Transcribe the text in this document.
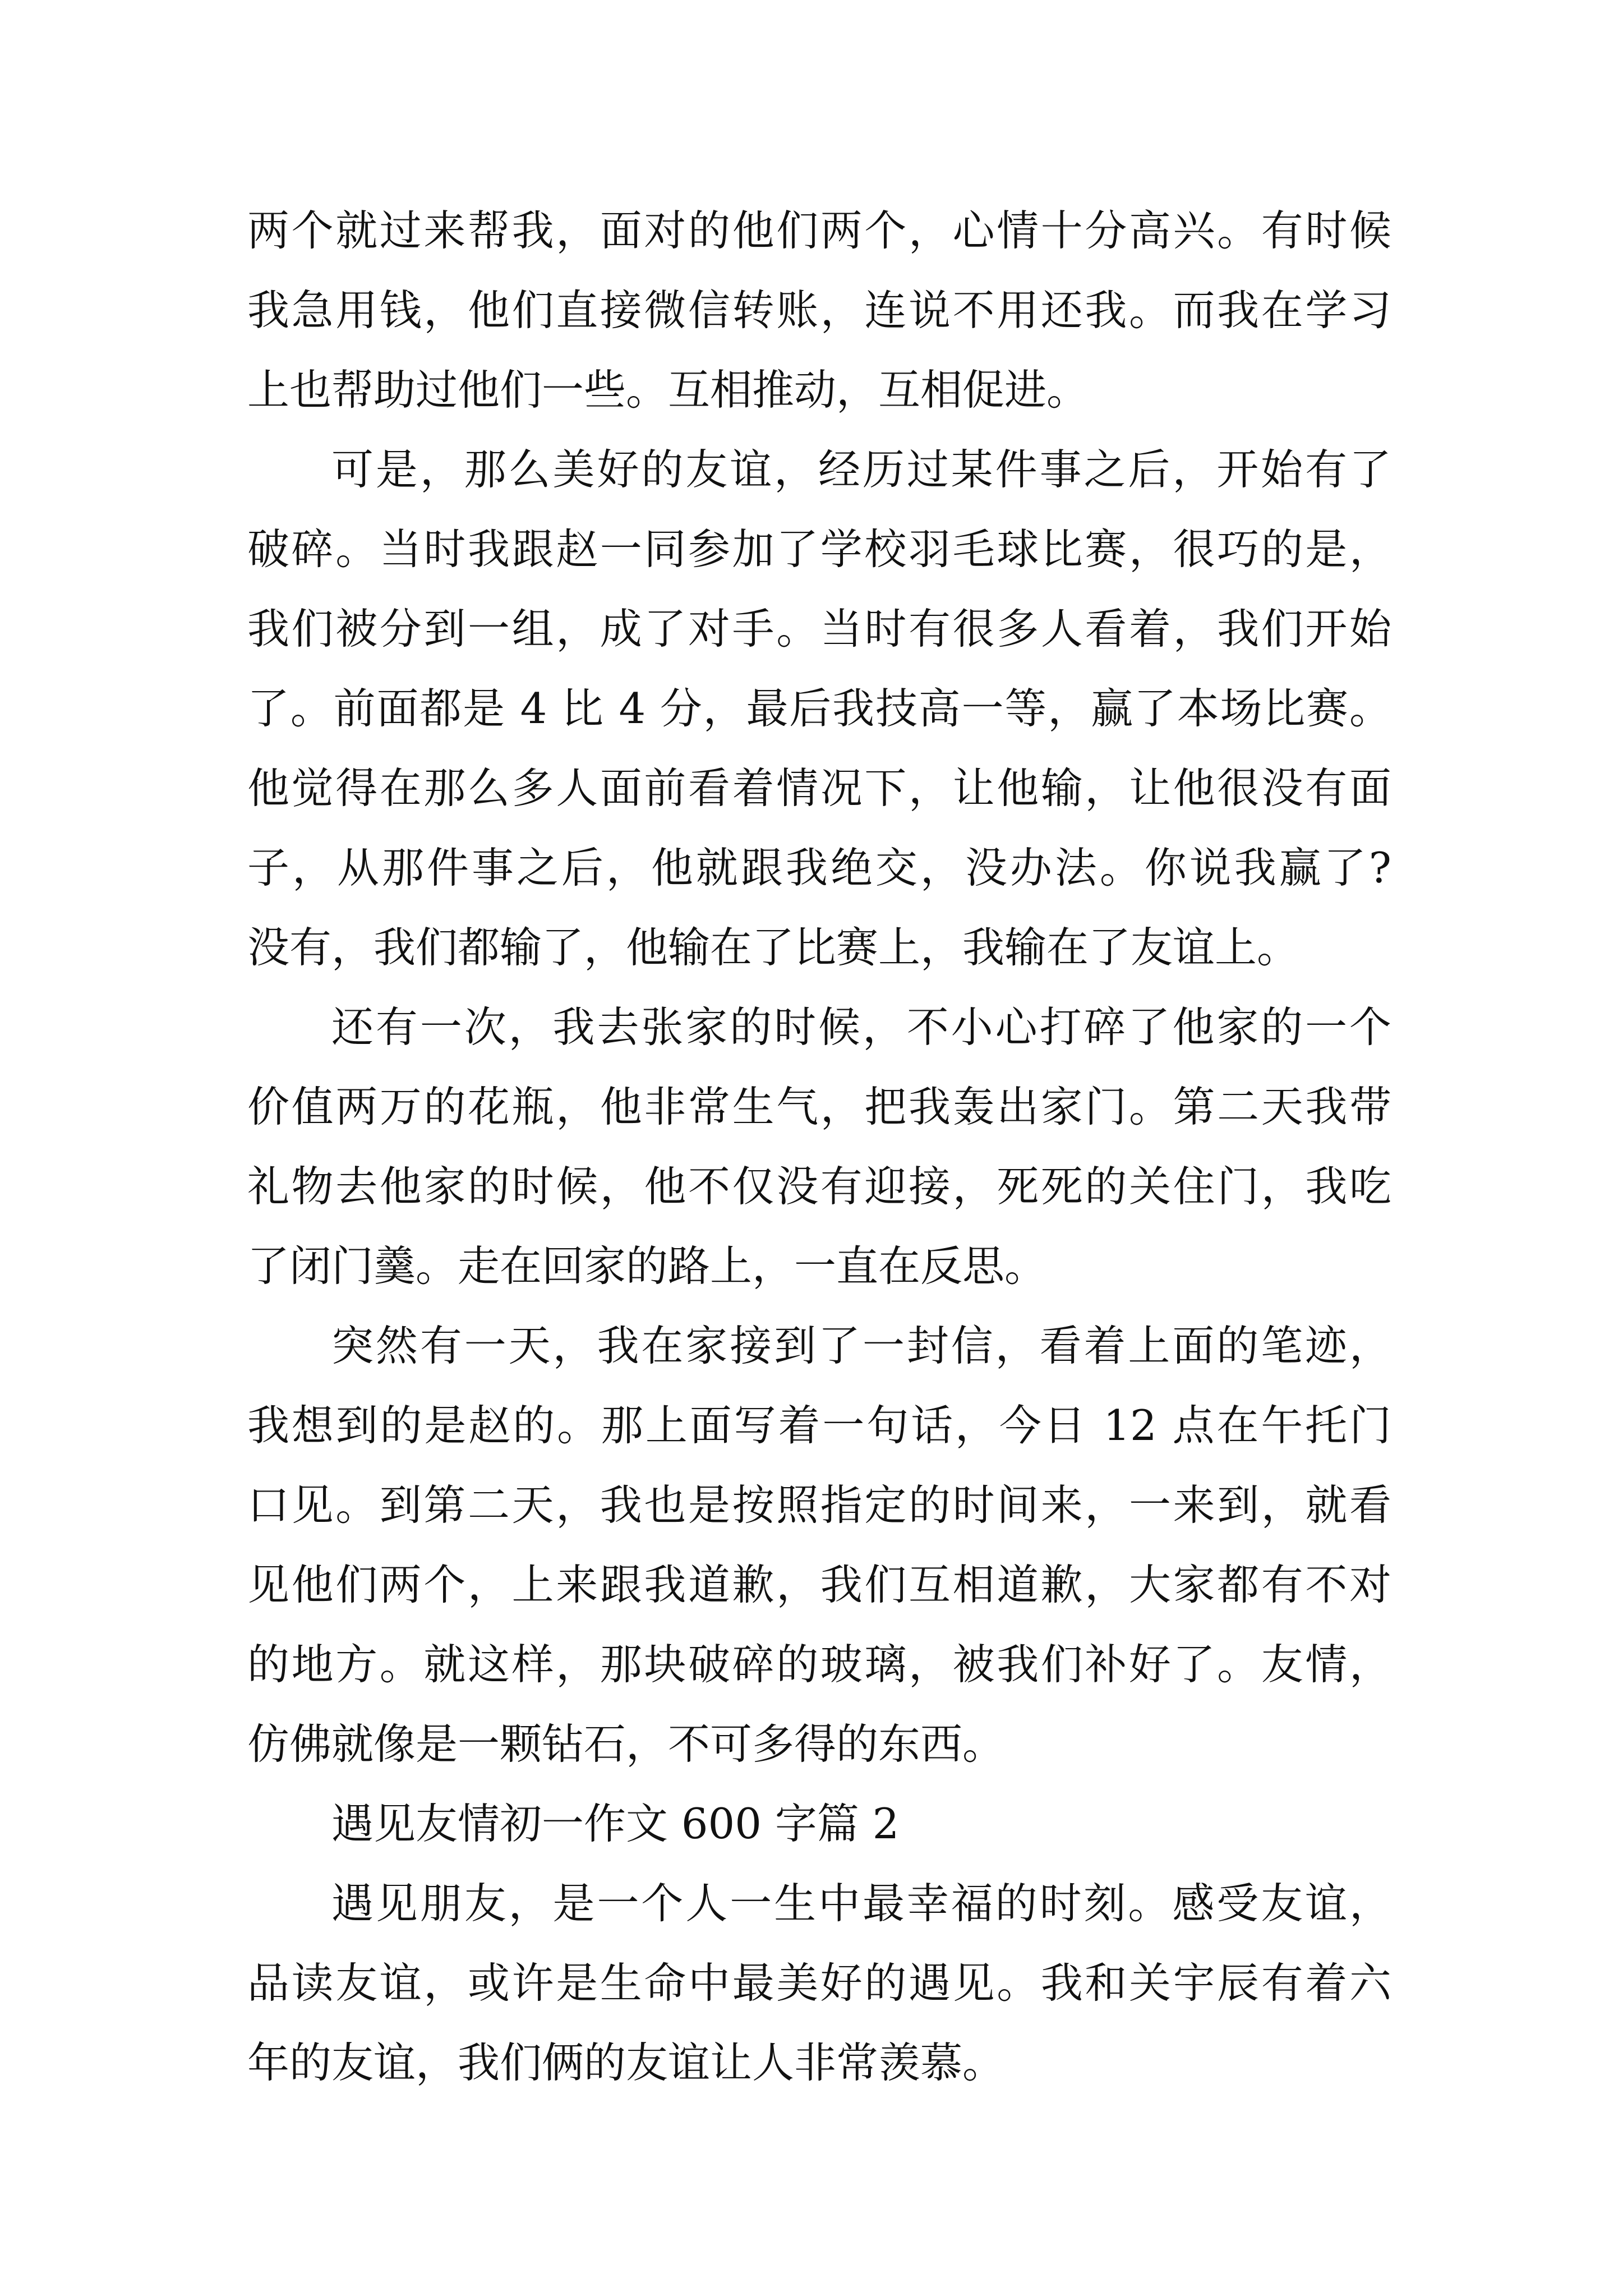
两个就过来帮我，面对的他们两个，心情十分高兴。有时候
我急用钱，他们直接微信转账，连说不用还我。而我在学习
上也帮助过他们一些。互相推动，互相促进。
可是，那么美好的友谊，经历过某件事之后，开始有了
破碎。当时我跟赵一同参加了学校羽毛球比赛，很巧的是，
我们被分到一组，成了对手。当时有很多人看着，我们开始
了。前面都是 4 比 4 分，最后我技高一等，赢了本场比赛。
他觉得在那么多人面前看着情况下，让他输，让他很没有面
子，从那件事之后，他就跟我绝交，没办法。你说我赢了?
没有，我们都输了，他输在了比赛上，我输在了友谊上。
还有一次，我去张家的时候，不小心打碎了他家的一个
价值两万的花瓶，他非常生气，把我轰出家门。第二天我带
礼物去他家的时候，他不仅没有迎接，死死的关住门，我吃
了闭门羹。走在回家的路上，一直在反思。
突然有一天，我在家接到了一封信，看着上面的笔迹，
我想到的是赵的。那上面写着一句话，今日 12 点在午托门
口见。到第二天，我也是按照指定的时间来，一来到，就看
见他们两个，上来跟我道歉，我们互相道歉，大家都有不对
的地方。就这样，那块破碎的玻璃，被我们补好了。友情，
仿佛就像是一颗钻石，不可多得的东西。
遇见友情初一作文 600 字篇 2
遇见朋友，是一个人一生中最幸福的时刻。感受友谊，
品读友谊，或许是生命中最美好的遇见。我和关宇辰有着六
年的友谊，我们俩的友谊让人非常羡慕。
